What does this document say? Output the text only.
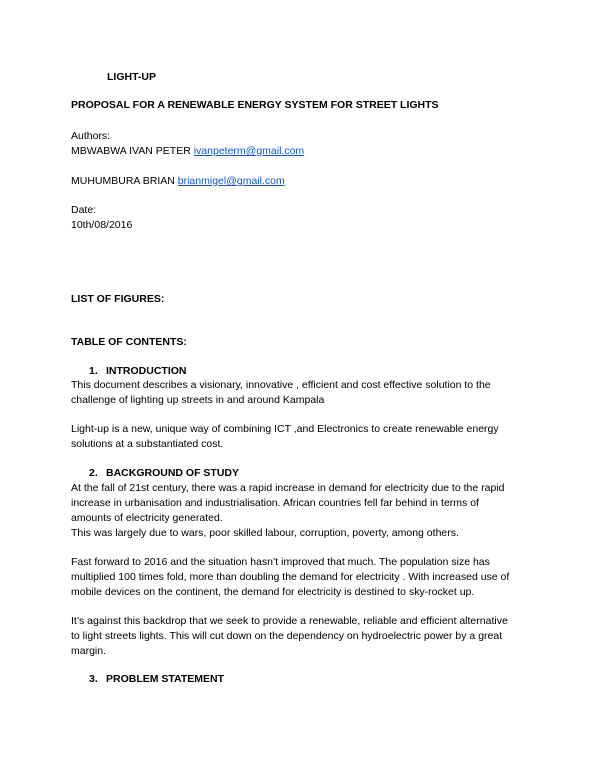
LIGHT-UP

PROPOSAL FOR A RENEWABLE ENERGY SYSTEM FOR STREET LIGHTS

Authors:

MBWABWA IVAN PETER ivanpeterm@gmail.com

MUHUMBURA BRIAN brianmigel@gmail.com

Date:

10th/08/2016

LIST OF FIGURES:

TABLE OF CONTENTS:

1. INTRODUCTION

This document describes a visionary, innovative , efficient and cost effective solution to the
challenge of lighting up streets in and around Kampala

Light-up is a new, unique way of combining ICT ,and Electronics to create renewable energy
solutions at a substantiated cost.

2. BACKGROUND OF STUDY

At the fall of 21st century, there was a rapid increase in demand for electricity due to the rapid
increase in urbanisation and industrialisation. African countries fell far behind in terms of
amounts of electricity generated.
This was largely due to wars, poor skilled labour, corruption, poverty, among others.

Fast forward to 2016 and the situation hasn’t improved that much. The population size has
multiplied 100 times fold, more than doubling the demand for electricity . With increased use of
mobile devices on the continent, the demand for electricity is destined to sky-rocket up.

It’s against this backdrop that we seek to provide a renewable, reliable and efficient alternative
to light streets lights. This will cut down on the dependency on hydroelectric power by a great
margin.

3. PROBLEM STATEMENT
